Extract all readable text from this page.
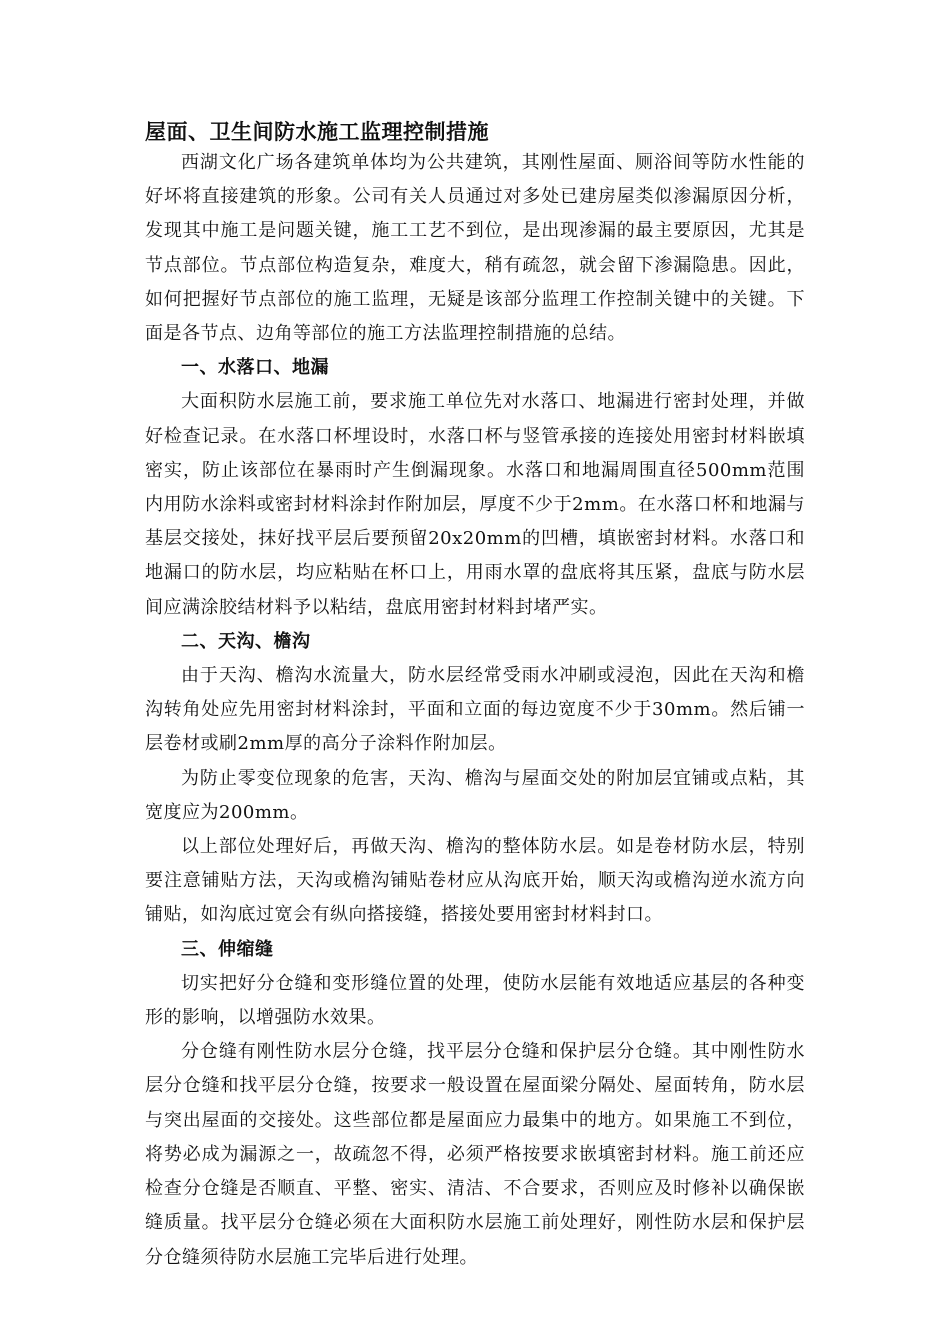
屋面、卫生间防水施工监理控制措施

西湖文化广场各建筑单体均为公共建筑，其刚性屋面、厕浴间等防水性能的好坏将直接建筑的形象。公司有关人员通过对多处已建房屋类似渗漏原因分析，发现其中施工是问题关键，施工工艺不到位，是出现渗漏的最主要原因，尤其是节点部位。节点部位构造复杂，难度大，稍有疏忽，就会留下渗漏隐患。因此，如何把握好节点部位的施工监理，无疑是该部分监理工作控制关键中的关键。下面是各节点、边角等部位的施工方法监理控制措施的总结。

一、水落口、地漏

大面积防水层施工前，要求施工单位先对水落口、地漏进行密封处理，并做好检查记录。在水落口杯埋设时，水落口杯与竖管承接的连接处用密封材料嵌填密实，防止该部位在暴雨时产生倒漏现象。水落口和地漏周围直径500mm范围内用防水涂料或密封材料涂封作附加层，厚度不少于2mm。在水落口杯和地漏与基层交接处，抹好找平层后要预留20x20mm的凹槽，填嵌密封材料。水落口和地漏口的防水层，均应粘贴在杯口上，用雨水罩的盘底将其压紧，盘底与防水层间应满涂胶结材料予以粘结，盘底用密封材料封堵严实。

二、天沟、檐沟

由于天沟、檐沟水流量大，防水层经常受雨水冲刷或浸泡，因此在天沟和檐沟转角处应先用密封材料涂封，平面和立面的每边宽度不少于30mm。然后铺一层卷材或刷2mm厚的高分子涂料作附加层。

为防止零变位现象的危害，天沟、檐沟与屋面交处的附加层宜铺或点粘，其宽度应为200mm。

以上部位处理好后，再做天沟、檐沟的整体防水层。如是卷材防水层，特别要注意铺贴方法，天沟或檐沟铺贴卷材应从沟底开始，顺天沟或檐沟逆水流方向铺贴，如沟底过宽会有纵向搭接缝，搭接处要用密封材料封口。

三、伸缩缝

切实把好分仓缝和变形缝位置的处理，使防水层能有效地适应基层的各种变形的影响，以增强防水效果。

分仓缝有刚性防水层分仓缝，找平层分仓缝和保护层分仓缝。其中刚性防水层分仓缝和找平层分仓缝，按要求一般设置在屋面梁分隔处、屋面转角，防水层与突出屋面的交接处。这些部位都是屋面应力最集中的地方。如果施工不到位，将势必成为漏源之一，故疏忽不得，必须严格按要求嵌填密封材料。施工前还应检查分仓缝是否顺直、平整、密实、清洁、不合要求，否则应及时修补以确保嵌缝质量。找平层分仓缝必须在大面积防水层施工前处理好，刚性防水层和保护层分仓缝须待防水层施工完毕后进行处理。
